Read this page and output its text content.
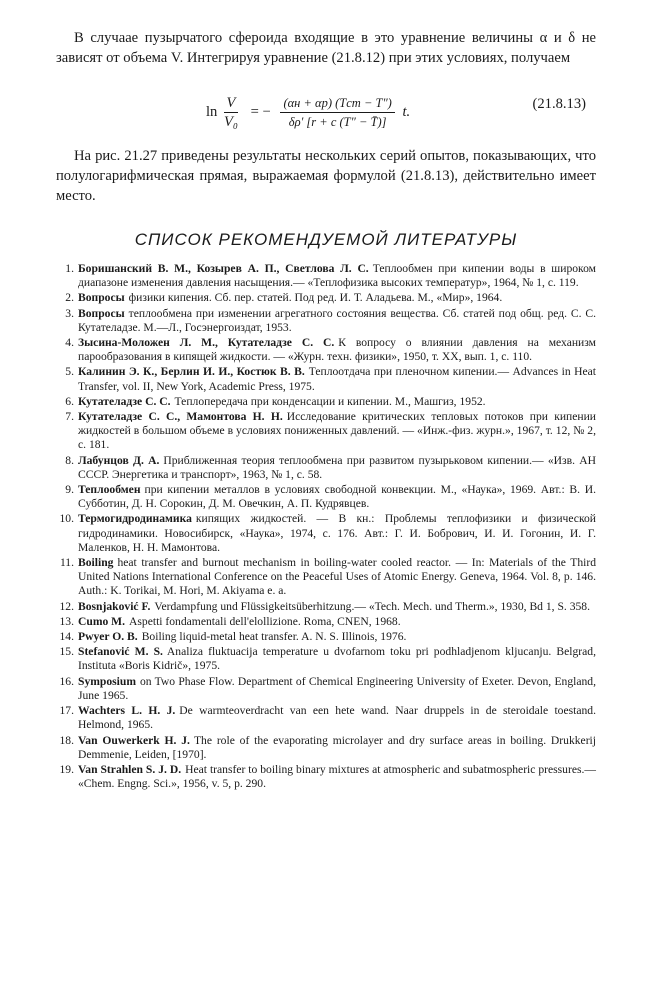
В случаае пузырчатого сфероида входящие в это уравнение величины α и δ не зависят от объема V. Интегрируя уравнение (21.8.12) при этих условиях, получаем

$\ln \frac{V}{\text{V₀}}$ = − $\frac{\text{(αн + αр) (Tст − T″)}}{\delta\rho' [r + c (T'' - T̄)]} t$.	(21.8.13)

На рис. 21.27 приведены результаты нескольких серий опытов, показывающих, что полулогарифмическая прямая, выражаемая формулой (21.8.13), действительно имеет место.

СПИСОК РЕКОМЕНДУЕМОЙ ЛИТЕРАТУРЫ
1. Боришанский В. М., Козырев А. П., Светлова Л. С. Теплообмен при кипении воды в широком диапазоне изменения давления насыщения.— «Теплофизика высоких температур», 1964, № 1, с. 119.
2. Вопросы физики кипения. Сб. пер. статей. Под ред. И. Т. Аладьева. М., «Мир», 1964.
3. Вопросы теплообмена при изменении агрегатного состояния вещества. Сб. статей под общ. ред. С. С. Кутателадзе. М.—Л., Госэнергоиздат, 1953.
4. Зысина-Моложен Л. М., Кутателадзе С. С. К вопросу о влиянии давления на механизм парообразования в кипящей жидкости. — «Журн. техн. физики», 1950, т. XX, вып. 1, с. 110.
5. Калинин Э. К., Берлин И. И., Костюк В. В. Теплоотдача при пленочном кипении.— Advances in Heat Transfer, vol. II, New York, Academic Press, 1975.
6. Кутателадзе С. С. Теплопередача при конденсации и кипении. М., Машгиз, 1952.
7. Кутателадзе С. С., Мамонтова Н. Н. Исследование критических тепловых потоков при кипении жидкостей в большом объеме в условиях пониженных давлений. — «Инж.-физ. журн.», 1967, т. 12, № 2, с. 181.
8. Лабунцов Д. А. Приближенная теория теплообмена при развитом пузырьковом кипении.— «Изв. АН СССР. Энергетика и транспорт», 1963, № 1, с. 58.
9. Теплообмен при кипении металлов в условиях свободной конвекции. М., «Наука», 1969. Авт.: В. И. Субботин, Д. Н. Сорокин, Д. М. Овечкин, А. П. Кудрявцев.
10. Термогидродинамика кипящих жидкостей. — В кн.: Проблемы теплофизики и физической гидродинамики. Новосибирск, «Наука», 1974, с. 176. Авт.: Г. И. Бобрович, И. И. Гогонин, И. Г. Маленков, Н. Н. Мамонтова.
11. Boiling heat transfer and burnout mechanism in boiling-water cooled reactor. — In: Materials of the Third United Nations International Conference on the Peaceful Uses of Atomic Energy. Geneva, 1964. Vol. 8, p. 146. Auth.: K. Torikai, M. Hori, M. Akiyama e. a.
12. Bosnjaković F. Verdampfung und Flüssigkeitsüberhitzung.— «Tech. Mech. und Therm.», 1930, Bd 1, S. 358.
13. Cumo M. Aspetti fondamentali dell'elollizione. Roma, CNEN, 1968.
14. Pwyer O. B. Boiling liquid-metal heat transfer. A. N. S. Illinois, 1976.
15. Stefanović M. S. Analiza fluktuacija temperature u dvofarnom toku pri podhladjenom kljucanju. Belgrad, Instituta «Boris Kidrič», 1975.
16. Symposium on Two Phase Flow. Department of Chemical Engineering University of Exeter. Devon, England, June 1965.
17. Wachters L. H. J. De warmteoverdracht van een hete wand. Naar druppels in de steroidale toestand. Helmond, 1965.
18. Van Ouwerkerk H. J. The role of the evaporating microlayer and dry surface areas in boiling. Drukkerij Demmenie, Leiden, [1970].
19. Van Strahlen S. J. D. Heat transfer to boiling binary mixtures at atmospheric and subatmospheric pressures.— «Chem. Engng. Sci.», 1956, v. 5, p. 290.
